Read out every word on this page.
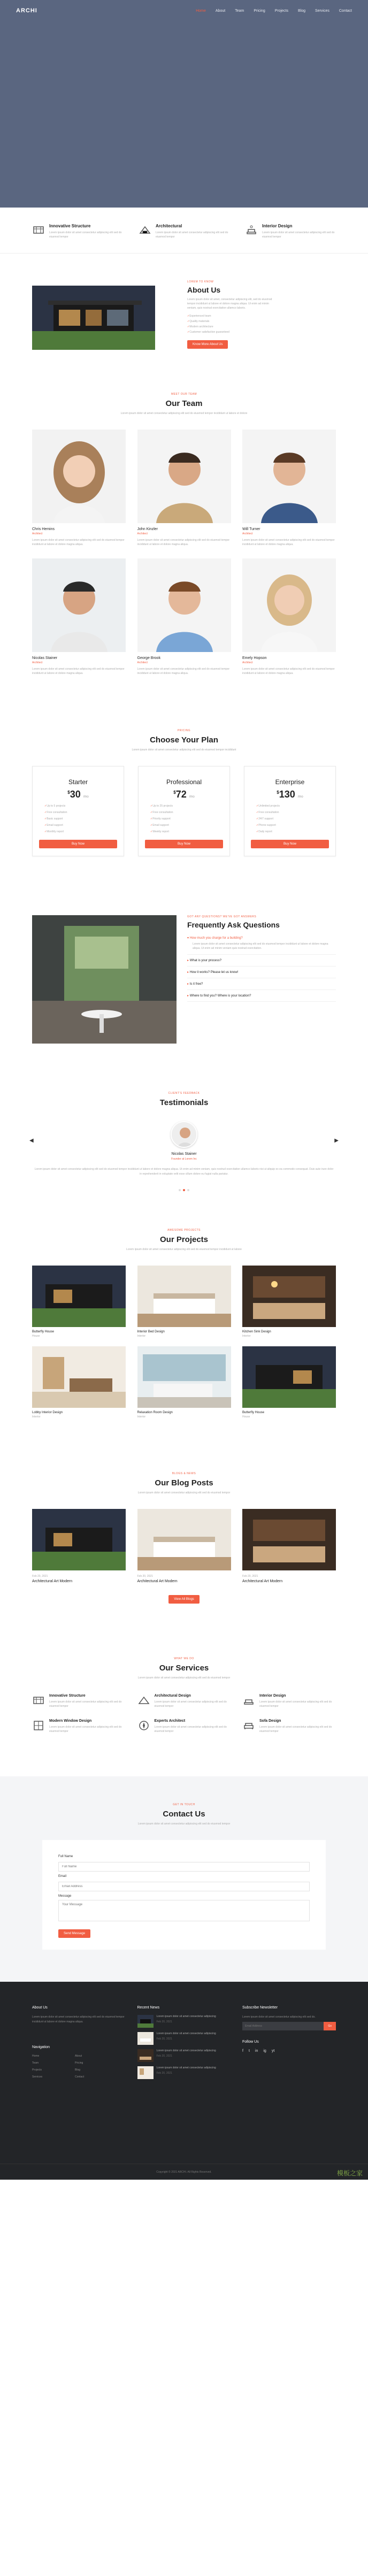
ARCHI	Home	About	Team	Pricing	Projects	Blog	Services	Contact
Innovative Structure

Lorem ipsum dolor sit amet consectetur adipiscing elit sed do eiusmod tempor

Architectural

Lorem ipsum dolor sit amet consectetur adipiscing elit sed do eiusmod tempor

Interior Design

Lorem ipsum dolor sit amet consectetur adipiscing elit sed do eiusmod tempor

LOREM TO KNOW
About Us

Lorem ipsum dolor sit amet, consectetur adipiscing elit, sed do eiusmod tempor incididunt ut labore et dolore magna aliqua. Ut enim ad minim veniam, quis nostrud exercitation ullamco laboris.

✓ Experienced team
✓ Quality materials
✓ Modern architecture
✓ Customer satisfaction guaranteed
Know More About Us
MEET OUR TEAM
Our Team

Lorem ipsum dolor sit amet consectetur adipiscing elit sed do eiusmod tempor incididunt ut labore et dolore

Chris Hemins
Architect

Lorem ipsum dolor sit amet consectetur adipiscing elit sed do eiusmod tempor incididunt ut labore et dolore magna aliqua.

John Kinzler
Architect

Lorem ipsum dolor sit amet consectetur adipiscing elit sed do eiusmod tempor incididunt ut labore et dolore magna aliqua.

Will Turner
Architect

Lorem ipsum dolor sit amet consectetur adipiscing elit sed do eiusmod tempor incididunt ut labore et dolore magna aliqua.

Nicolas Stainer
Architect

Lorem ipsum dolor sit amet consectetur adipiscing elit sed do eiusmod tempor incididunt ut labore et dolore magna aliqua.

George Brook
Architect

Lorem ipsum dolor sit amet consectetur adipiscing elit sed do eiusmod tempor incididunt ut labore et dolore magna aliqua.

Emely Hopson
Architect

Lorem ipsum dolor sit amet consectetur adipiscing elit sed do eiusmod tempor incididunt ut labore et dolore magna aliqua.

PRICING
Choose Your Plan

Lorem ipsum dolor sit amet consectetur adipiscing elit sed do eiusmod tempor incididunt

Starter
$30 /mo
✓ Up to 5 projects
✓ Free consultation
✓ Basic support
✓ Email support
✓ Monthly report
Buy Now
Professional
$72 /mo
✓ Up to 25 projects
✓ Free consultation
✓ Priority support
✓ Email support
✓ Weekly report
Buy Now
Enterprise
$130 /mo
✓ Unlimited projects
✓ Free consultation
✓ 24/7 support
✓ Phone support
✓ Daily report
Buy Now
GOT ANY QUESTIONS? WE'VE GOT ANSWERS
Frequently Ask Questions
▾ How much you charge for a building?

Lorem ipsum dolor sit amet consectetur adipiscing elit sed do eiusmod tempor incididunt ut labore et dolore magna aliqua. Ut enim ad minim veniam quis nostrud exercitation.

▸ What is your process?
▸ How it works? Please let us know!
▸ Is it free?
▸ Where to find you? Where is your location?
CLIENT'S FEEDBACK
Testimonials
◀	▶
Nicolas Stainer
Founder at Lorem Inc

Lorem ipsum dolor sit amet consectetur adipiscing elit sed do eiusmod tempor incididunt ut labore et dolore magna aliqua. Ut enim ad minim veniam, quis nostrud exercitation ullamco laboris nisi ut aliquip ex ea commodo consequat. Duis aute irure dolor in reprehenderit in voluptate velit esse cillum dolore eu fugiat nulla pariatur.

AWESOME PROJECTS
Our Projects

Lorem ipsum dolor sit amet consectetur adipiscing elit sed do eiusmod tempor incididunt ut labore

Butterfly House
House
Interior Bed Design
Interior
Kitchen Sink Design
Interior
Lobby Interior Design
Interior
Relaxation Room Design
Interior
Butterfly House
House
BLOGS & NEWS
Our Blog Posts

Lorem ipsum dolor sit amet consectetur adipiscing elit sed do eiusmod tempor

Feb 20, 2021
Architectural Art Modern
Feb 20, 2021
Architectural Art Modern
Feb 20, 2021
Architectural Art Modern
View All Blogs
WHAT WE DO
Our Services

Lorem ipsum dolor sit amet consectetur adipiscing elit sed do eiusmod tempor

Innovative Structure

Lorem ipsum dolor sit amet consectetur adipiscing elit sed do eiusmod tempor

Architectural Design

Lorem ipsum dolor sit amet consectetur adipiscing elit sed do eiusmod tempor

Interior Design

Lorem ipsum dolor sit amet consectetur adipiscing elit sed do eiusmod tempor

Modern Window Design

Lorem ipsum dolor sit amet consectetur adipiscing elit sed do eiusmod tempor

Experts Architect

Lorem ipsum dolor sit amet consectetur adipiscing elit sed do eiusmod tempor

Sofa Design

Lorem ipsum dolor sit amet consectetur adipiscing elit sed do eiusmod tempor

GET IN TOUCH
Contact Us

Lorem ipsum dolor sit amet consectetur adipiscing elit sed do eiusmod tempor

Full Name
Full Name
Email
Email Address
Message
Your Message Send Message
About Us

Lorem ipsum dolor sit amet consectetur adipiscing elit sed do eiusmod tempor incididunt ut labore et dolore magna aliqua.

Navigation
Home	About
Team	Pricing
Projects	Blog
Services	Contact
Recent News
Lorem ipsum dolor sit amet consectetur adipiscing
Feb 20, 2021
Lorem ipsum dolor sit amet consectetur adipiscing
Feb 20, 2021
Lorem ipsum dolor sit amet consectetur adipiscing
Feb 20, 2021
Lorem ipsum dolor sit amet consectetur adipiscing
Feb 20, 2021
Subscribe Newsletter

Lorem ipsum dolor sit amet consectetur adipiscing elit sed do.

Email Address
Go
Follow Us
f t in ig yt
Copyright © 2021 ARCHI. All Rights Reserved.	模板之家
